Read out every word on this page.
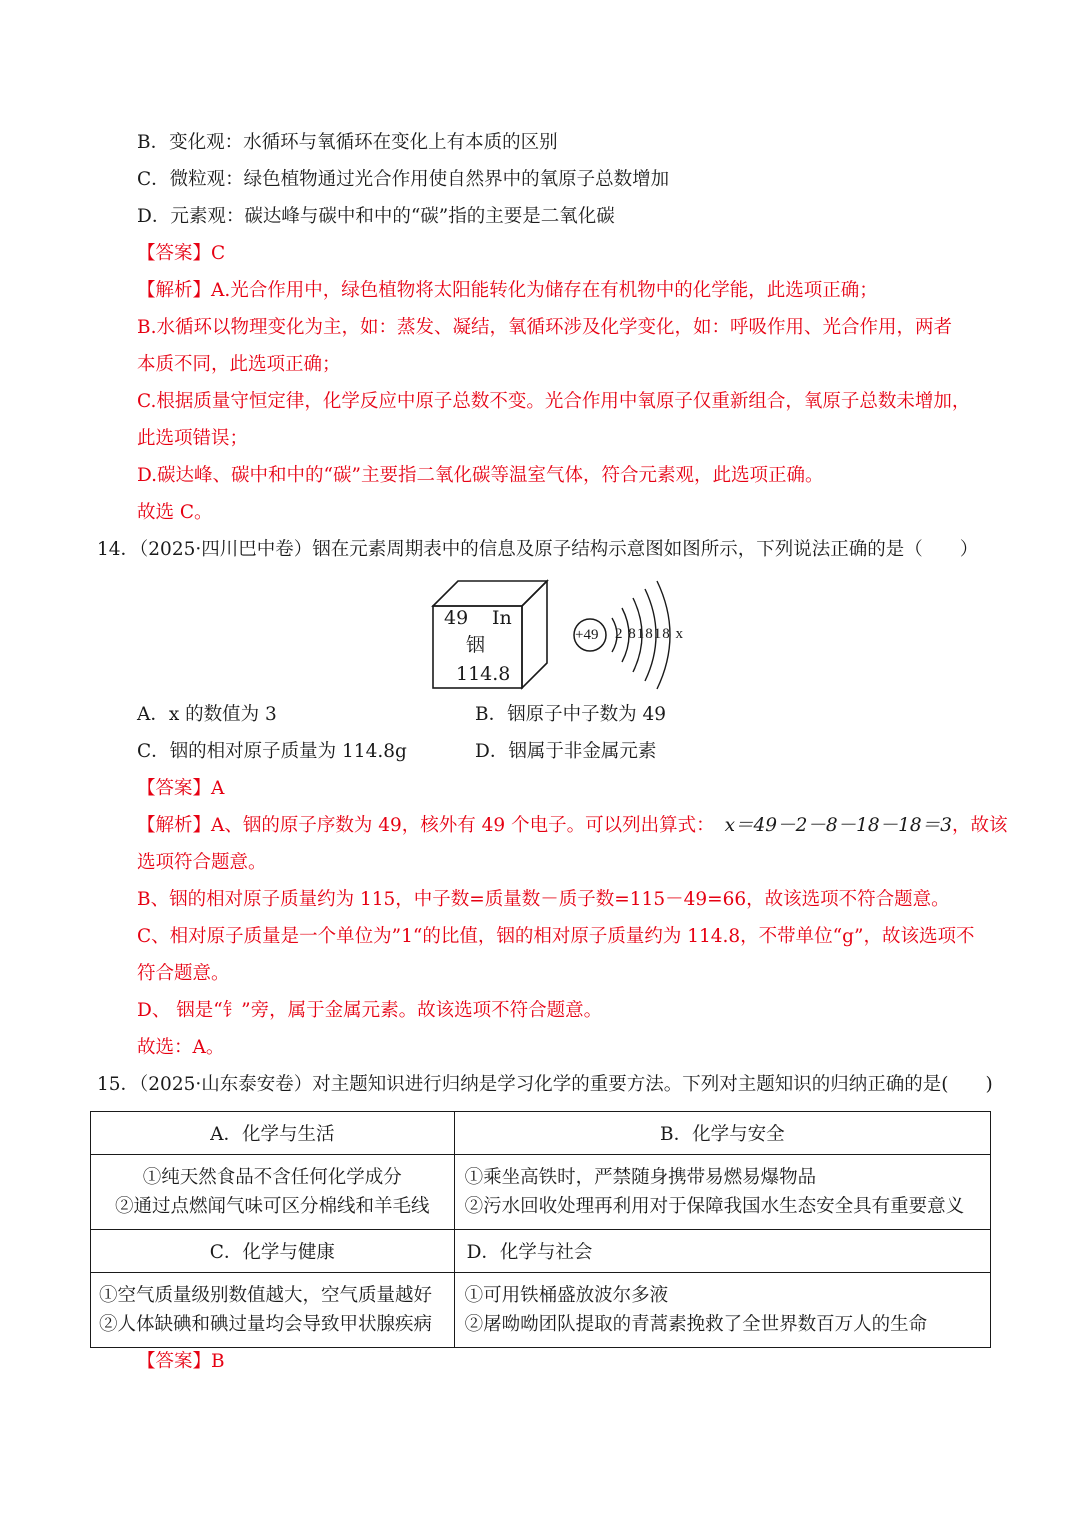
B．变化观：水循环与氧循环在变化上有本质的区别
C．微粒观：绿色植物通过光合作用使自然界中的氧原子总数增加
D．元素观：碳达峰与碳中和中的“碳”指的主要是二氧化碳
【答案】C
【解析】A.光合作用中，绿色植物将太阳能转化为储存在有机物中的化学能，此选项正确；
B.水循环以物理变化为主，如：蒸发、凝结，氧循环涉及化学变化，如：呼吸作用、光合作用，两者
本质不同，此选项正确；
C.根据质量守恒定律，化学反应中原子总数不变。光合作用中氧原子仅重新组合，氧原子总数未增加，
此选项错误；
D.碳达峰、碳中和中的“碳”主要指二氧化碳等温室气体，符合元素观，此选项正确。
故选 C。
14．（2025·四川巴中卷）铟在元素周期表中的信息及原子结构示意图如图所示，下列说法正确的是（　　）
49 In
铟
114.8
+49 2 81818 x
A．x 的数值为 3	B．铟原子中子数为 49
C．铟的相对原子质量为 114.8g	D．铟属于非金属元素
【答案】A
【解析】A、铟的原子序数为 49，核外有 49 个电子。可以列出算式： x＝49－2－8－18－18＝3，故该
选项符合题意。
B、铟的相对原子质量约为 115，中子数=质量数－质子数=115－49=66，故该选项不符合题意。
C、相对原子质量是一个单位为”1“的比值，铟的相对原子质量约为 114.8，不带单位“g”，故该选项不
符合题意。
D、 铟是“钅”旁，属于金属元素。故该选项不符合题意。
故选：A。
15．（2025·山东泰安卷）对主题知识进行归纳是学习化学的重要方法。下列对主题知识的归纳正确的是(　　)
A．化学与生活	B．化学与安全

①纯天然食品不含任何化学成分
②通过点燃闻气味可区分棉线和羊毛线	①乘坐高铁时，严禁随身携带易燃易爆物品
②污水回收处理再利用对于保障我国水生态安全具有重要意义

C．化学与健康	D．化学与社会

①空气质量级别数值越大，空气质量越好
②人体缺碘和碘过量均会导致甲状腺疾病	①可用铁桶盛放波尔多液
②屠呦呦团队提取的青蒿素挽救了全世界数百万人的生命
【答案】B
